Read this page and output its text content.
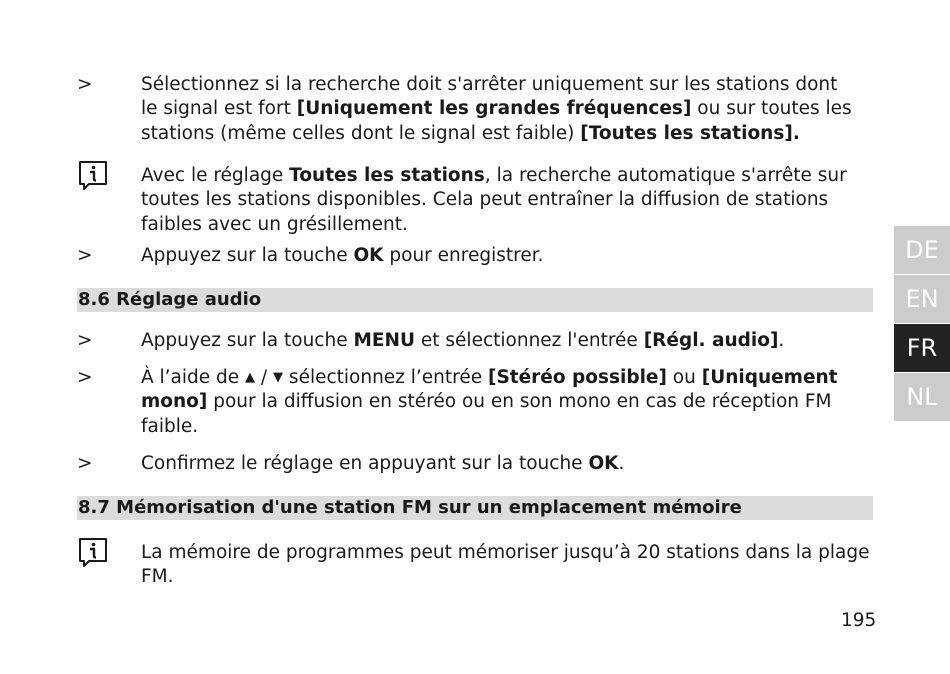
>	Sélectionnez si la recherche doit s'arrêter uniquement sur les stations dont
le signal est fort [Uniquement les grandes fréquences] ou sur toutes les
stations (même celles dont le signal est faible) [Toutes les stations].
Avec le réglage Toutes les stations, la recherche automatique s'arrête sur
toutes les stations disponibles. Cela peut entraîner la diffusion de stations
faibles avec un grésillement.
>	Appuyez sur la touche OK pour enregistrer.
8.6 Réglage audio
>	Appuyez sur la touche MENU et sélectionnez l'entrée [Régl. audio].
>	À l’aide de ▲ / ▼ sélectionnez l’entrée [Stéréo possible] ou [Uniquement
mono] pour la diffusion en stéréo ou en son mono en cas de réception FM
faible.
>	Confirmez le réglage en appuyant sur la touche OK.
8.7 Mémorisation d'une station FM sur un emplacement mémoire
La mémoire de programmes peut mémoriser jusqu’à 20 stations dans la plage
FM.
DE
EN
FR
NL
195
